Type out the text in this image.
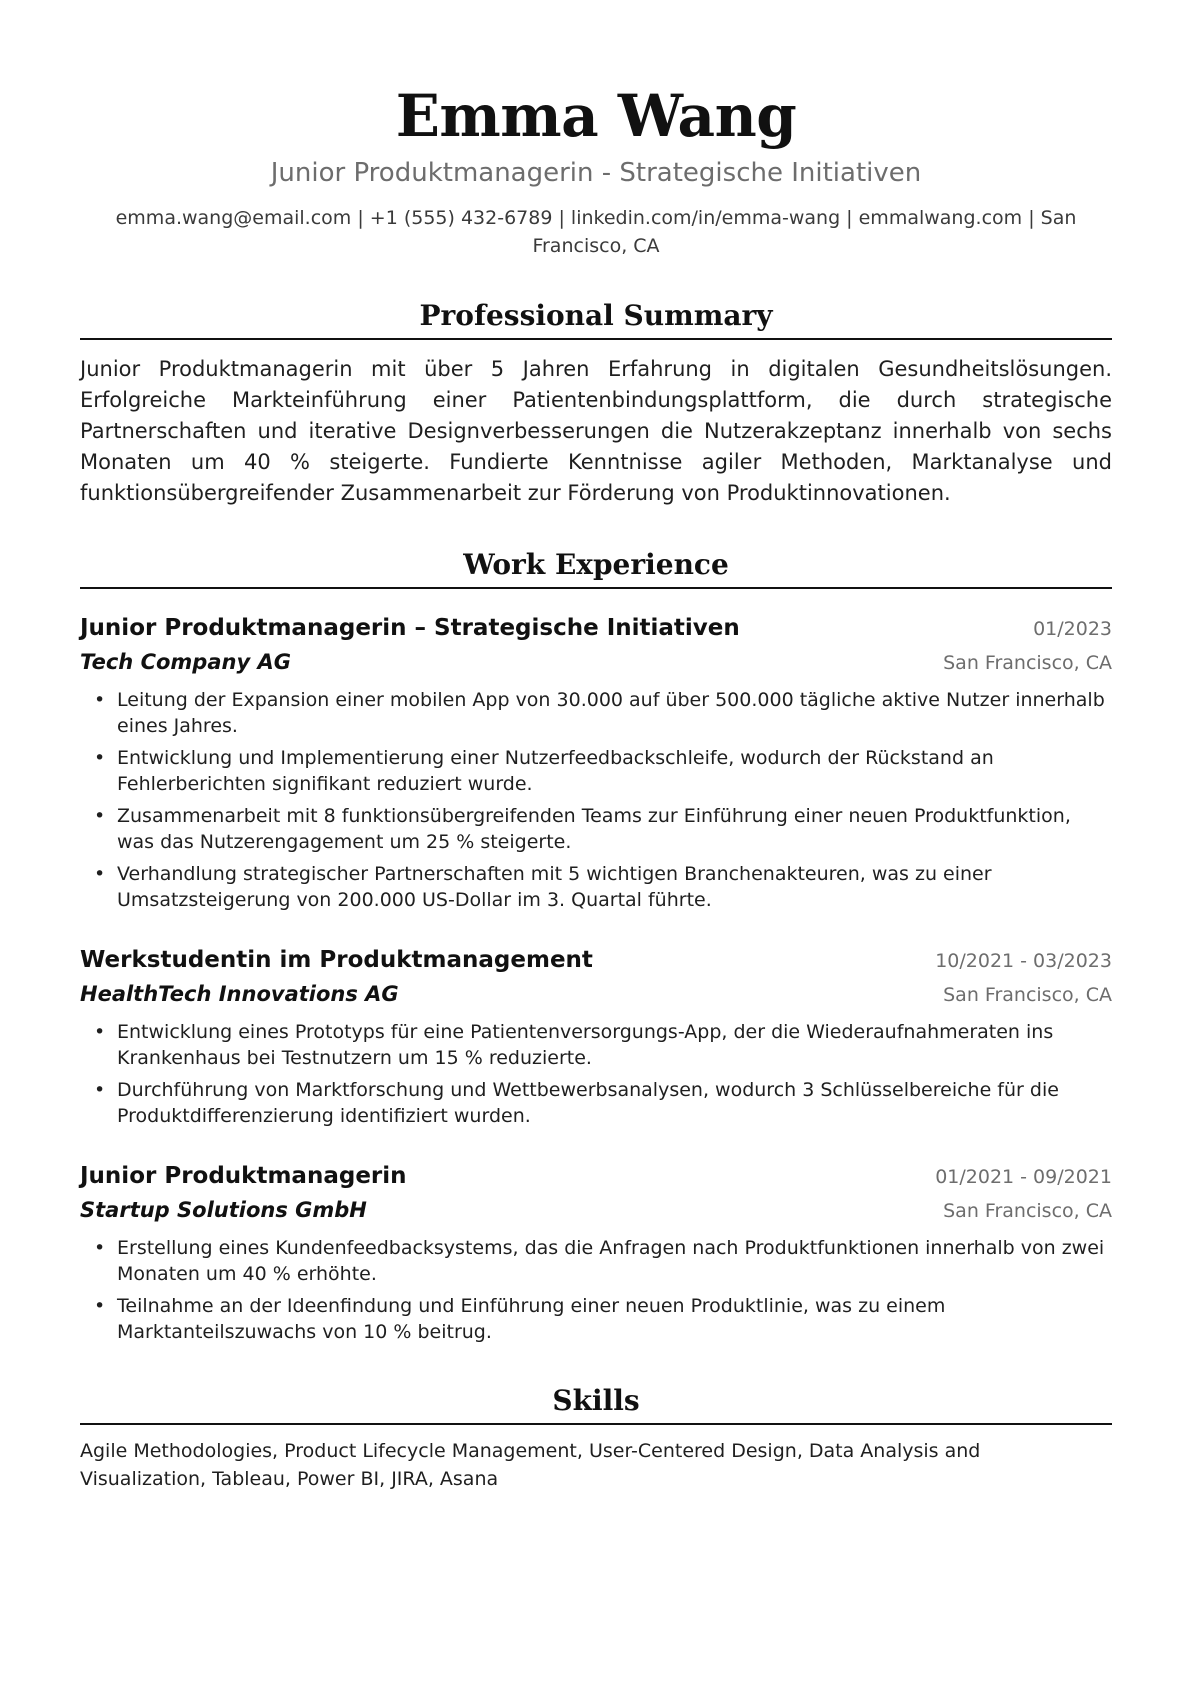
Emma Wang
Junior Produktmanagerin - Strategische Initiativen
emma.wang@email.com | +1 (555) 432-6789 | linkedin.com/in/emma-wang | emmalwang.com | San Francisco, CA
Professional Summary
Junior Produktmanagerin mit über 5 Jahren Erfahrung in digitalen Gesundheitslösungen. Erfolgreiche Markteinführung einer Patientenbindungsplattform, die durch strategische Partnerschaften und iterative Designverbesserungen die Nutzerakzeptanz innerhalb von sechs Monaten um 40 % steigerte. Fundierte Kenntnisse agiler Methoden, Marktanalyse und funktionsübergreifender Zusammenarbeit zur Förderung von Produktinnovationen.
Work Experience
Junior Produktmanagerin – Strategische Initiativen	01/2023
Tech Company AG	San Francisco, CA
• Leitung der Expansion einer mobilen App von 30.000 auf über 500.000 tägliche aktive Nutzer innerhalb eines Jahres.
• Entwicklung und Implementierung einer Nutzerfeedbackschleife, wodurch der Rückstand an Fehlerberichten signifikant reduziert wurde.
• Zusammenarbeit mit 8 funktionsübergreifenden Teams zur Einführung einer neuen Produktfunktion, was das Nutzerengagement um 25 % steigerte.
• Verhandlung strategischer Partnerschaften mit 5 wichtigen Branchenakteuren, was zu einer Umsatzsteigerung von 200.000 US-Dollar im 3. Quartal führte.
Werkstudentin im Produktmanagement	10/2021 - 03/2023
HealthTech Innovations AG	San Francisco, CA
• Entwicklung eines Prototyps für eine Patientenversorgungs-App, der die Wiederaufnahmeraten ins Krankenhaus bei Testnutzern um 15 % reduzierte.
• Durchführung von Marktforschung und Wettbewerbsanalysen, wodurch 3 Schlüsselbereiche für die Produktdifferenzierung identifiziert wurden.
Junior Produktmanagerin	01/2021 - 09/2021
Startup Solutions GmbH	San Francisco, CA
• Erstellung eines Kundenfeedbacksystems, das die Anfragen nach Produktfunktionen innerhalb von zwei Monaten um 40 % erhöhte.
• Teilnahme an der Ideenfindung und Einführung einer neuen Produktlinie, was zu einem Marktanteilszuwachs von 10 % beitrug.
Skills
Agile Methodologies, Product Lifecycle Management, User-Centered Design, Data Analysis and Visualization, Tableau, Power BI, JIRA, Asana
